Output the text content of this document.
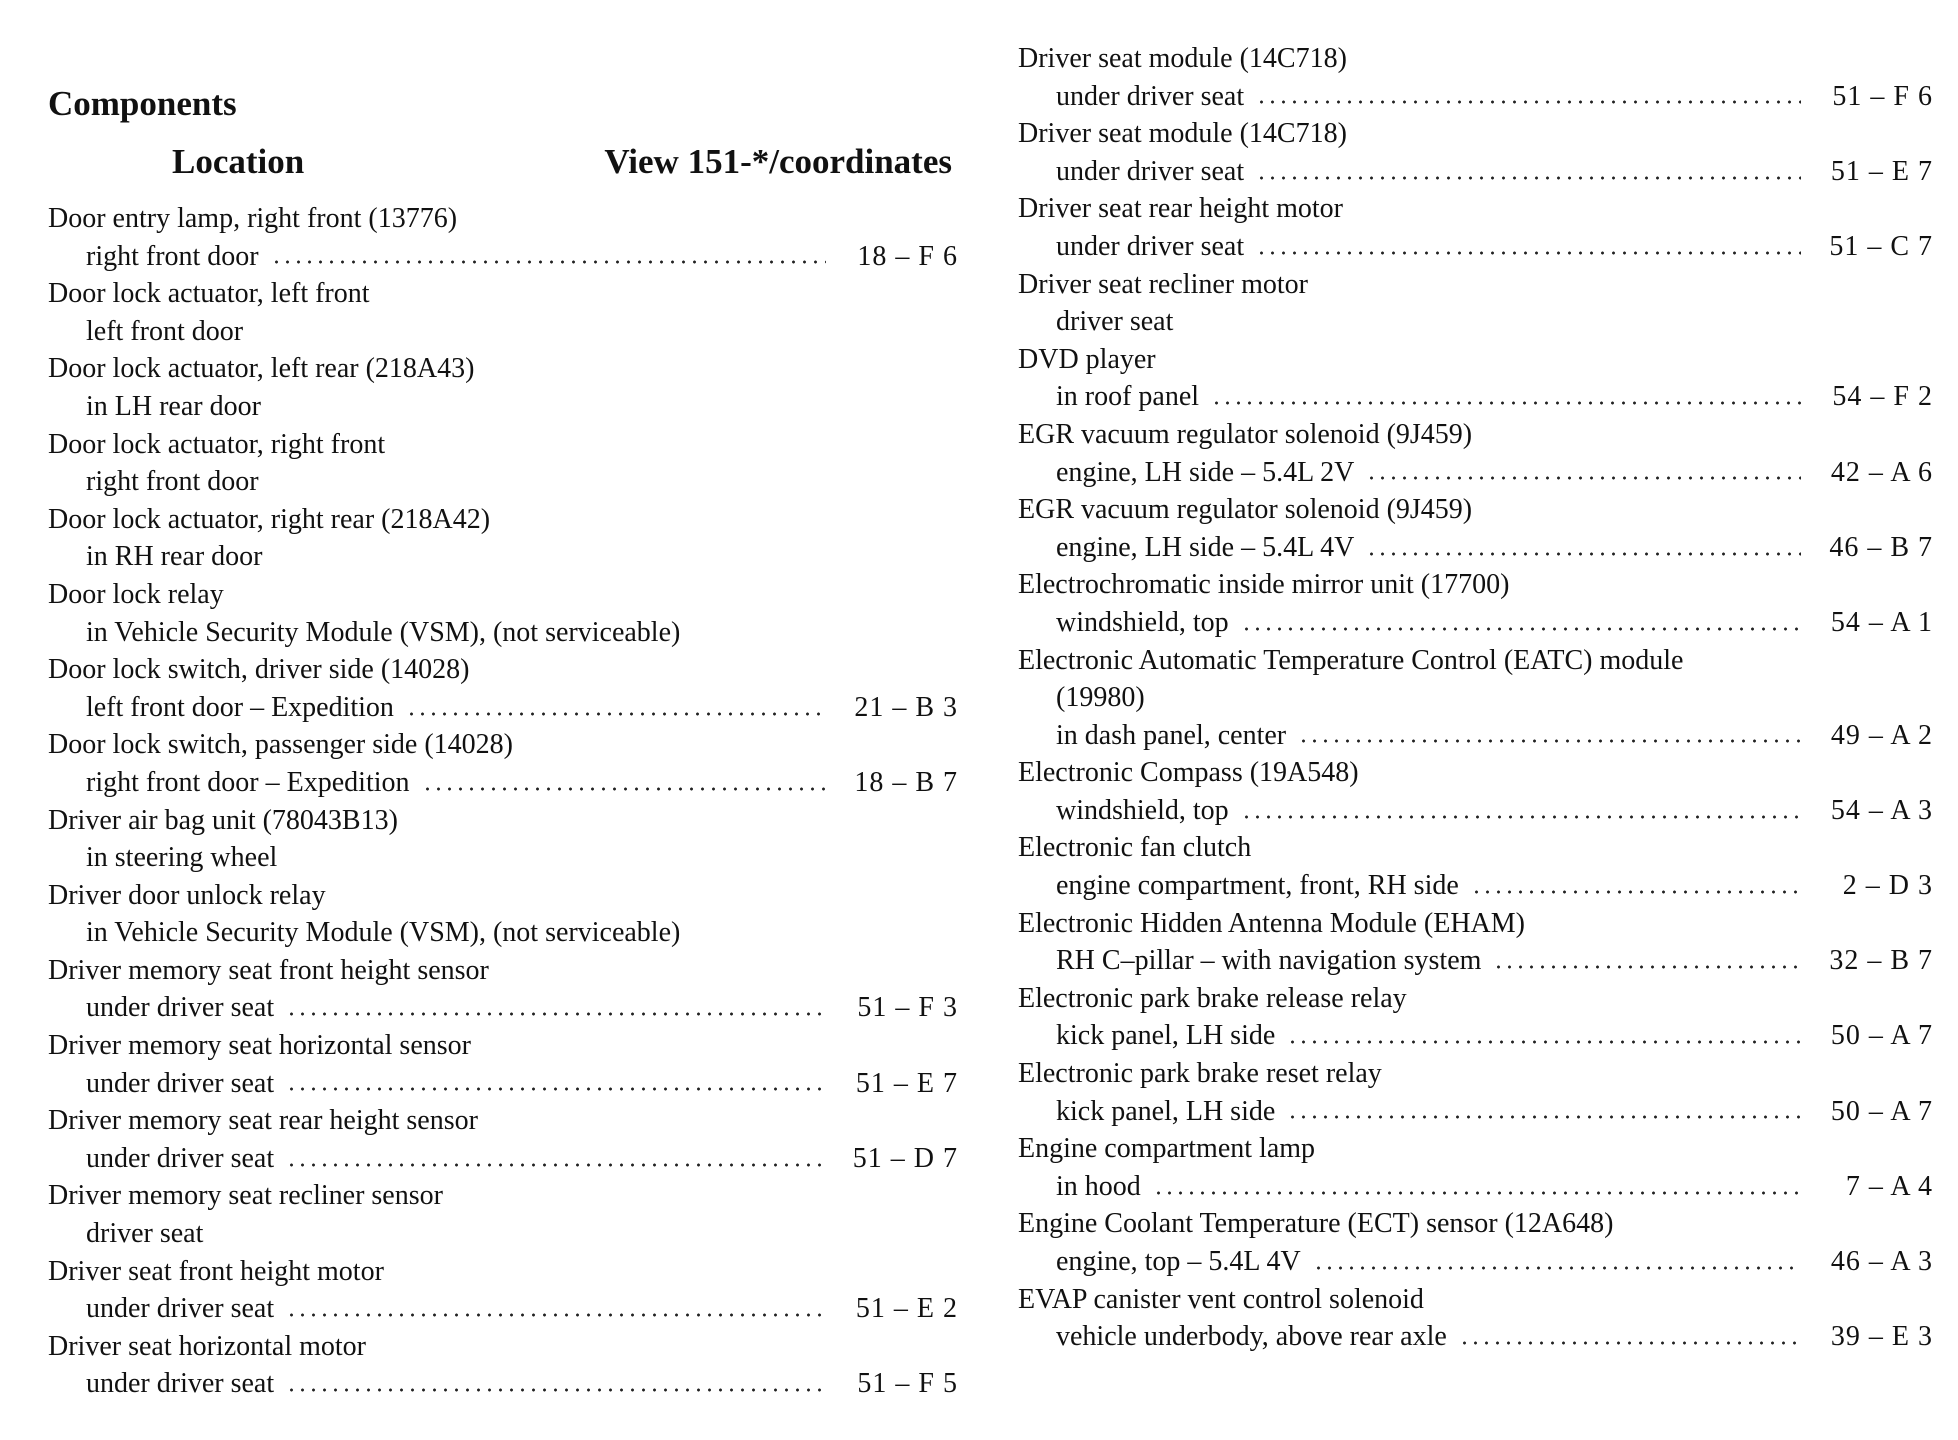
Components
Location	View 151-*/coordinates
Door entry lamp, right front (13776)
right front door	18 – F 6
Door lock actuator, left front
left front door
Door lock actuator, left rear (218A43)
in LH rear door
Door lock actuator, right front
right front door
Door lock actuator, right rear (218A42)
in RH rear door
Door lock relay
in Vehicle Security Module (VSM), (not serviceable)
Door lock switch, driver side (14028)
left front door – Expedition	21 – B 3
Door lock switch, passenger side (14028)
right front door – Expedition	18 – B 7
Driver air bag unit (78043B13)
in steering wheel
Driver door unlock relay
in Vehicle Security Module (VSM), (not serviceable)
Driver memory seat front height sensor
under driver seat	51 – F 3
Driver memory seat horizontal sensor
under driver seat	51 – E 7
Driver memory seat rear height sensor
under driver seat	51 – D 7
Driver memory seat recliner sensor
driver seat
Driver seat front height motor
under driver seat	51 – E 2
Driver seat horizontal motor
under driver seat	51 – F 5
Driver seat module (14C718)
under driver seat	51 – F 6
Driver seat module (14C718)
under driver seat	51 – E 7
Driver seat rear height motor
under driver seat	51 – C 7
Driver seat recliner motor
driver seat
DVD player
in roof panel	54 – F 2
EGR vacuum regulator solenoid (9J459)
engine, LH side – 5.4L 2V	42 – A 6
EGR vacuum regulator solenoid (9J459)
engine, LH side – 5.4L 4V	46 – B 7
Electrochromatic inside mirror unit (17700)
windshield, top	54 – A 1
Electronic Automatic Temperature Control (EATC) module
(19980)
in dash panel, center	49 – A 2
Electronic Compass (19A548)
windshield, top	54 – A 3
Electronic fan clutch
engine compartment, front, RH side	2 – D 3
Electronic Hidden Antenna Module (EHAM)
RH C–pillar – with navigation system	32 – B 7
Electronic park brake release relay
kick panel, LH side	50 – A 7
Electronic park brake reset relay
kick panel, LH side	50 – A 7
Engine compartment lamp
in hood	7 – A 4
Engine Coolant Temperature (ECT) sensor (12A648)
engine, top – 5.4L 4V	46 – A 3
EVAP canister vent control solenoid
vehicle underbody, above rear axle	39 – E 3
